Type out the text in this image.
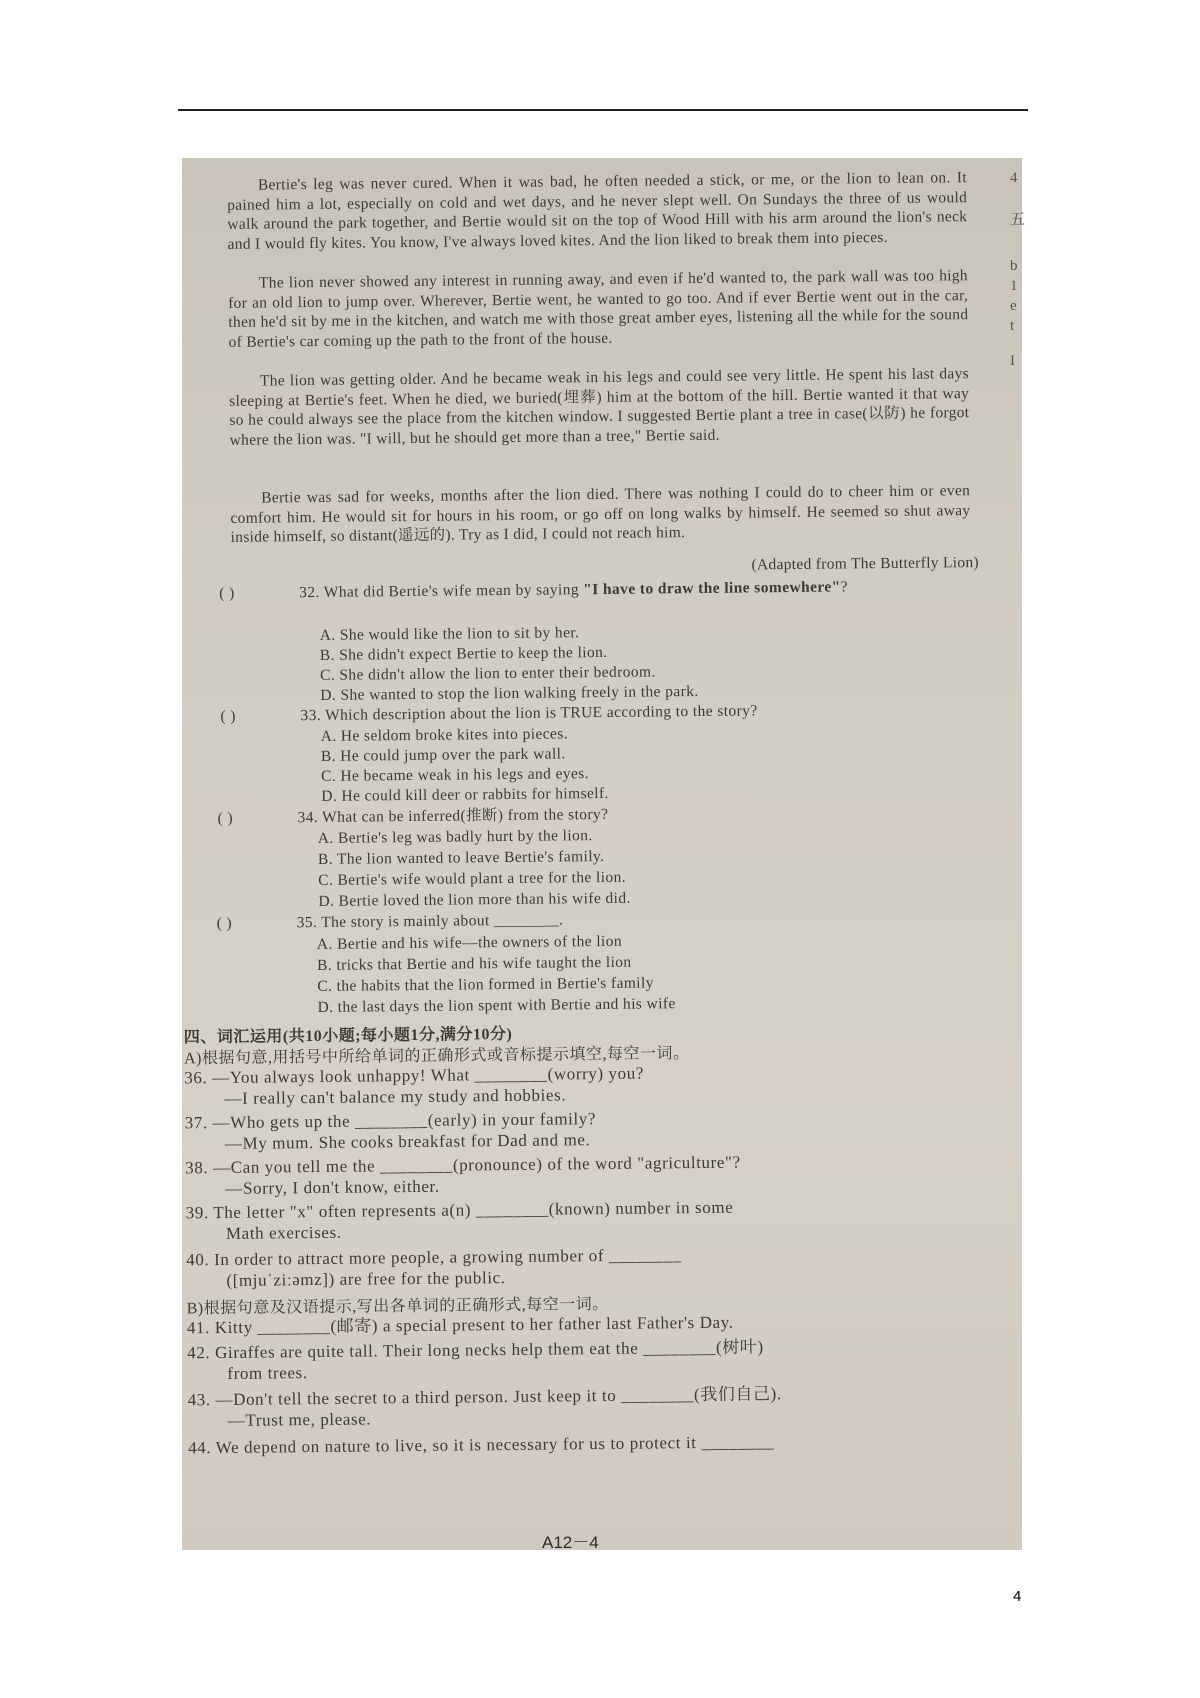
Bertie's leg was never cured. When it was bad, he often needed a stick, or me, or the lion to lean on. It pained him a lot, especially on cold and wet days, and he never slept well. On Sundays the three of us would walk around the park together, and Bertie would sit on the top of Wood Hill with his arm around the lion's neck and I would fly kites. You know, I've always loved kites. And the lion liked to break them into pieces.
The lion never showed any interest in running away, and even if he'd wanted to, the park wall was too high for an old lion to jump over. Wherever, Bertie went, he wanted to go too. And if ever Bertie went out in the car, then he'd sit by me in the kitchen, and watch me with those great amber eyes, listening all the while for the sound of Bertie's car coming up the path to the front of the house.
The lion was getting older. And he became weak in his legs and could see very little. He spent his last days sleeping at Bertie's feet. When he died, we buried(埋葬) him at the bottom of the hill. Bertie wanted it that way so he could always see the place from the kitchen window. I suggested Bertie plant a tree in case(以防) he forgot where the lion was. "I will, but he should get more than a tree," Bertie said.
Bertie was sad for weeks, months after the lion died. There was nothing I could do to cheer him or even comfort him. He would sit for hours in his room, or go off on long walks by himself. He seemed so shut away inside himself, so distant(遥远的). Try as I did, I could not reach him.
(Adapted from The Butterfly Lion)
( )	32. What did Bertie's wife mean by saying "I have to draw the line somewhere"?
A. She would like the lion to sit by her.
B. She didn't expect Bertie to keep the lion.
C. She didn't allow the lion to enter their bedroom.
D. She wanted to stop the lion walking freely in the park.
( )	33. Which description about the lion is TRUE according to the story?
A. He seldom broke kites into pieces.
B. He could jump over the park wall.
C. He became weak in his legs and eyes.
D. He could kill deer or rabbits for himself.
( )	34. What can be inferred(推断) from the story?
A. Bertie's leg was badly hurt by the lion.
B. The lion wanted to leave Bertie's family.
C. Bertie's wife would plant a tree for the lion.
D. Bertie loved the lion more than his wife did.
( )	35. The story is mainly about ________.
A. Bertie and his wife—the owners of the lion
B. tricks that Bertie and his wife taught the lion
C. the habits that the lion formed in Bertie's family
D. the last days the lion spent with Bertie and his wife
四、词汇运用(共10小题;每小题1分,满分10分)
A)根据句意,用括号中所给单词的正确形式或音标提示填空,每空一词。
36. —You always look unhappy! What ________(worry) you?
—I really can't balance my study and hobbies.
37. —Who gets up the ________(early) in your family?
—My mum. She cooks breakfast for Dad and me.
38. —Can you tell me the ________(pronounce) of the word "agriculture"?
—Sorry, I don't know, either.
39. The letter "x" often represents a(n) ________(known) number in some
Math exercises.
40. In order to attract more people, a growing number of ________
([mjuˈziːəmz]) are free for the public.
B)根据句意及汉语提示,写出各单词的正确形式,每空一词。
41. Kitty ________(邮寄) a special present to her father last Father's Day.
42. Giraffes are quite tall. Their long necks help them eat the ________(树叶)
from trees.
43. —Don't tell the secret to a third person. Just keep it to ________(我们自己).
—Trust me, please.
44. We depend on nature to live, so it is necessary for us to protect it ________
4
五
b
1
e
t
I
A12－4
4
